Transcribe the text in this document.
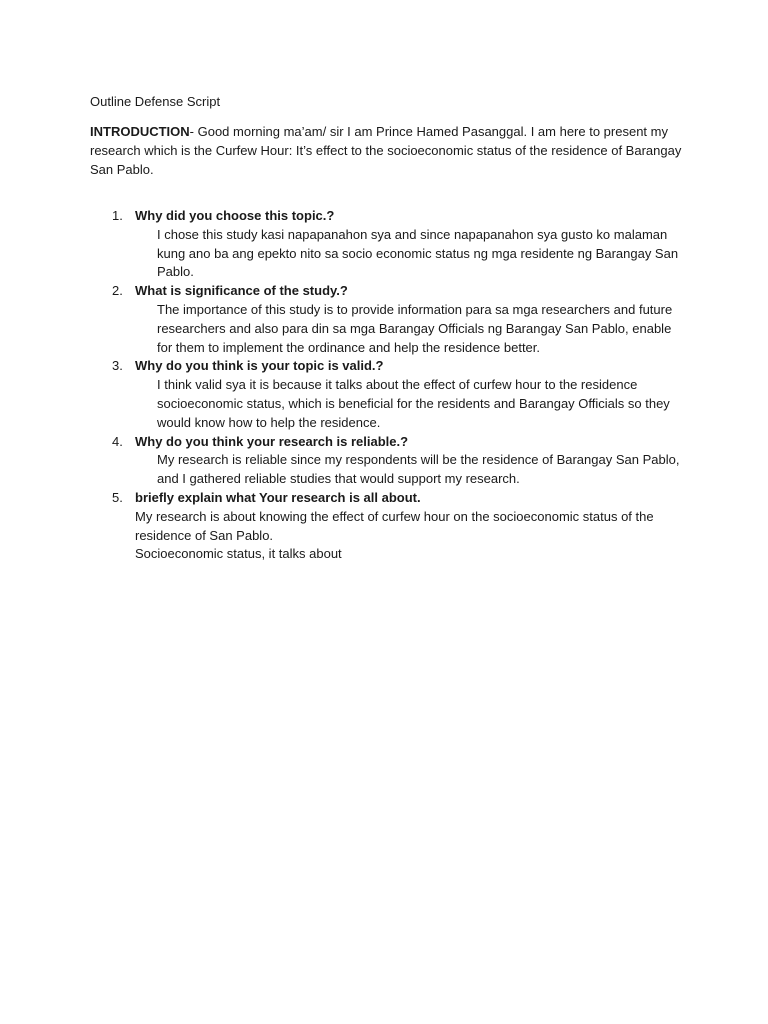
Outline Defense Script

INTRODUCTION- Good morning ma’am/ sir I am Prince Hamed Pasanggal. I am here to present my research which is the Curfew Hour: It’s effect to the socioeconomic status of the residence of Barangay San Pablo.

1. Why did you choose this topic.?
I chose this study kasi napapanahon sya and since napapanahon sya gusto ko malaman kung ano ba ang epekto nito sa socio economic status ng mga residente ng Barangay San Pablo.
2. What is significance of the study.?
The importance of this study is to provide information para sa mga researchers and future researchers and also para din sa mga Barangay Officials ng Barangay San Pablo, enable for them to implement the ordinance and help the residence better.
3. Why do you think is your topic is valid.?
I think valid sya it is because it talks about the effect of curfew hour to the residence socioeconomic status, which is beneficial for the residents and Barangay Officials so they would know how to help the residence.
4. Why do you think your research is reliable.?
My research is reliable since my respondents will be the residence of Barangay San Pablo, and I gathered reliable studies that would support my research.
5. briefly explain what Your research is all about.
My research is about knowing the effect of curfew hour on the socioeconomic status of the residence of San Pablo.
Socioeconomic status, it talks about
